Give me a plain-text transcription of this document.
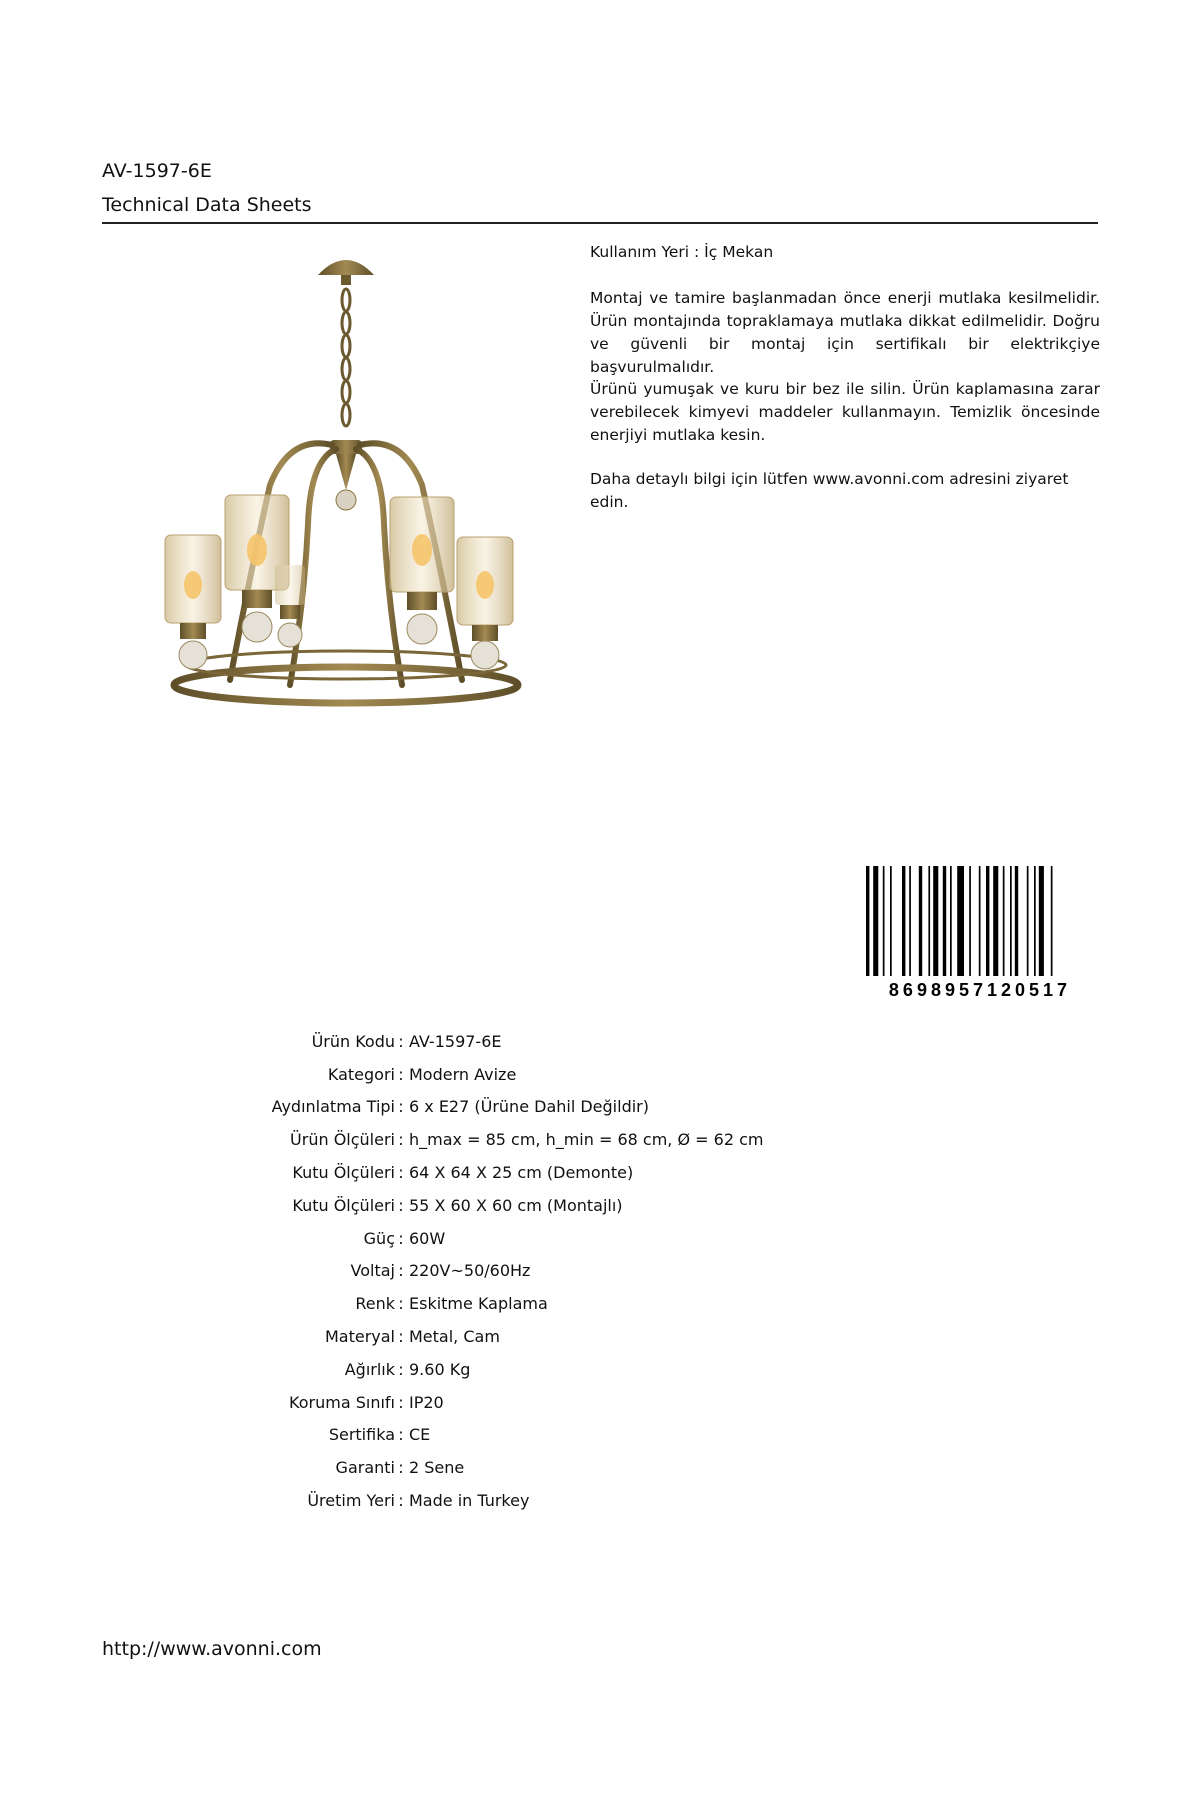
AV-1597-6E
Technical Data Sheets
Kullanım Yeri : İç Mekan

Montaj ve tamire başlanmadan önce enerji mutlaka kesilmelidir. Ürün montajında topraklamaya mutlaka dikkat edilmelidir. Doğru ve güvenli bir montaj için sertifikalı bir elektrikçiye başvurulmalıdır.

Ürünü yumuşak ve kuru bir bez ile silin. Ürün kaplamasına zarar verebilecek kimyevi maddeler kullanmayın. Temizlik öncesinde enerjiyi mutlaka kesin.

Daha detaylı bilgi için lütfen www.avonni.com adresini ziyaret edin.

8698957120517
Ürün Kodu : AV-1597-6E
Kategori : Modern Avize
Aydınlatma Tipi : 6 x E27 (Ürüne Dahil Değildir)
Ürün Ölçüleri : h_max = 85 cm, h_min = 68 cm, Ø = 62 cm
Kutu Ölçüleri : 64 X 64 X 25 cm (Demonte)
Kutu Ölçüleri : 55 X 60 X 60 cm (Montajlı)
Güç : 60W
Voltaj : 220V~50/60Hz
Renk : Eskitme Kaplama
Materyal : Metal, Cam
Ağırlık : 9.60 Kg
Koruma Sınıfı : IP20
Sertifika : CE
Garanti : 2 Sene
Üretim Yeri : Made in Turkey
http://www.avonni.com
